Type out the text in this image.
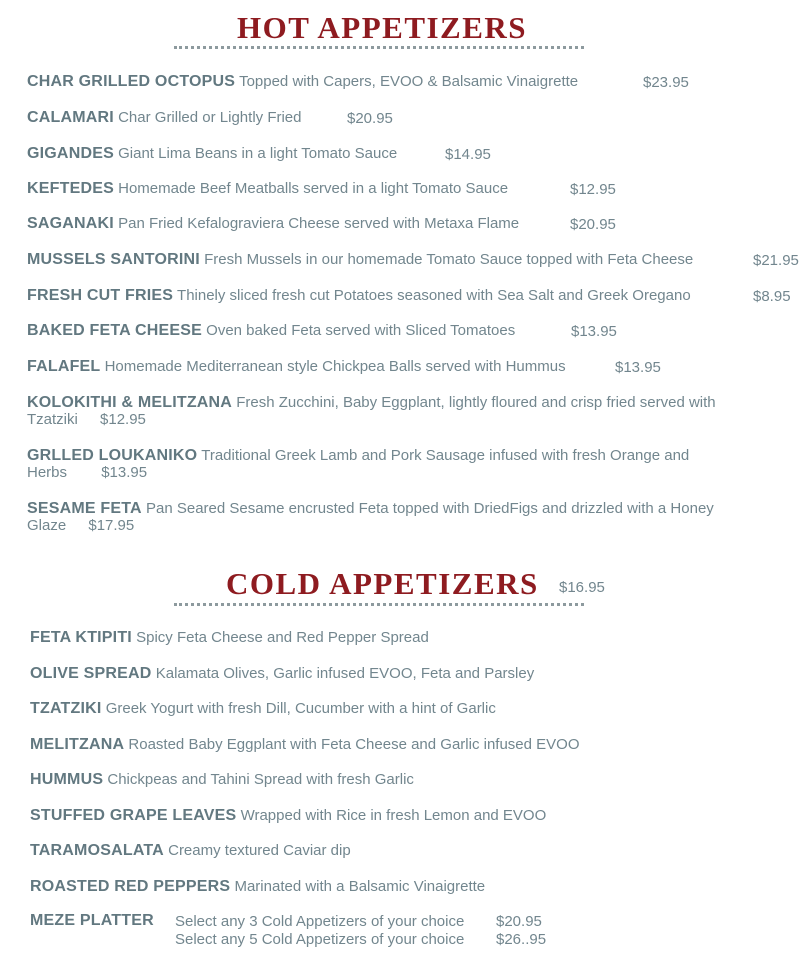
HOT APPETIZERS
CHAR GRILLED OCTOPUS Topped with Capers, EVOO & Balsamic Vinaigrette	$23.95
CALAMARI Char Grilled or Lightly Fried	$20.95
GIGANDES Giant Lima Beans in a light Tomato Sauce	$14.95
KEFTEDES Homemade Beef Meatballs served in a light Tomato Sauce	$12.95
SAGANAKI Pan Fried Kefalograviera Cheese served with Metaxa Flame	$20.95
MUSSELS SANTORINI Fresh Mussels in our homemade Tomato Sauce topped with Feta Cheese	$21.95
FRESH CUT FRIES Thinely sliced fresh cut Potatoes seasoned with Sea Salt and Greek Oregano	$8.95
BAKED FETA CHEESE Oven baked Feta served with Sliced Tomatoes	$13.95
FALAFEL Homemade Mediterranean style Chickpea Balls served with Hummus	$13.95
KOLOKITHI & MELITZANA Fresh Zucchini, Baby Eggplant, lightly floured and crisp fried served with Tzatziki $12.95
GRLLED LOUKANIKO Traditional Greek Lamb and Pork Sausage infused with fresh Orange and Herbs $13.95
SESAME FETA Pan Seared Sesame encrusted Feta topped with DriedFigs and drizzled with a Honey Glaze $17.95
COLD APPETIZERS $16.95
FETA KTIPITI Spicy Feta Cheese and Red Pepper Spread
OLIVE SPREAD Kalamata Olives, Garlic infused EVOO, Feta and Parsley
TZATZIKI Greek Yogurt with fresh Dill, Cucumber with a hint of Garlic
MELITZANA Roasted Baby Eggplant with Feta Cheese and Garlic infused EVOO
HUMMUS Chickpeas and Tahini Spread with fresh Garlic
STUFFED GRAPE LEAVES Wrapped with Rice in fresh Lemon and EVOO
TARAMOSALATA Creamy textured Caviar dip
ROASTED RED PEPPERS Marinated with a Balsamic Vinaigrette
MEZE PLATTER Select any 3 Cold Appetizers of your choice $20.95
Select any 5 Cold Appetizers of your choice $26..95
